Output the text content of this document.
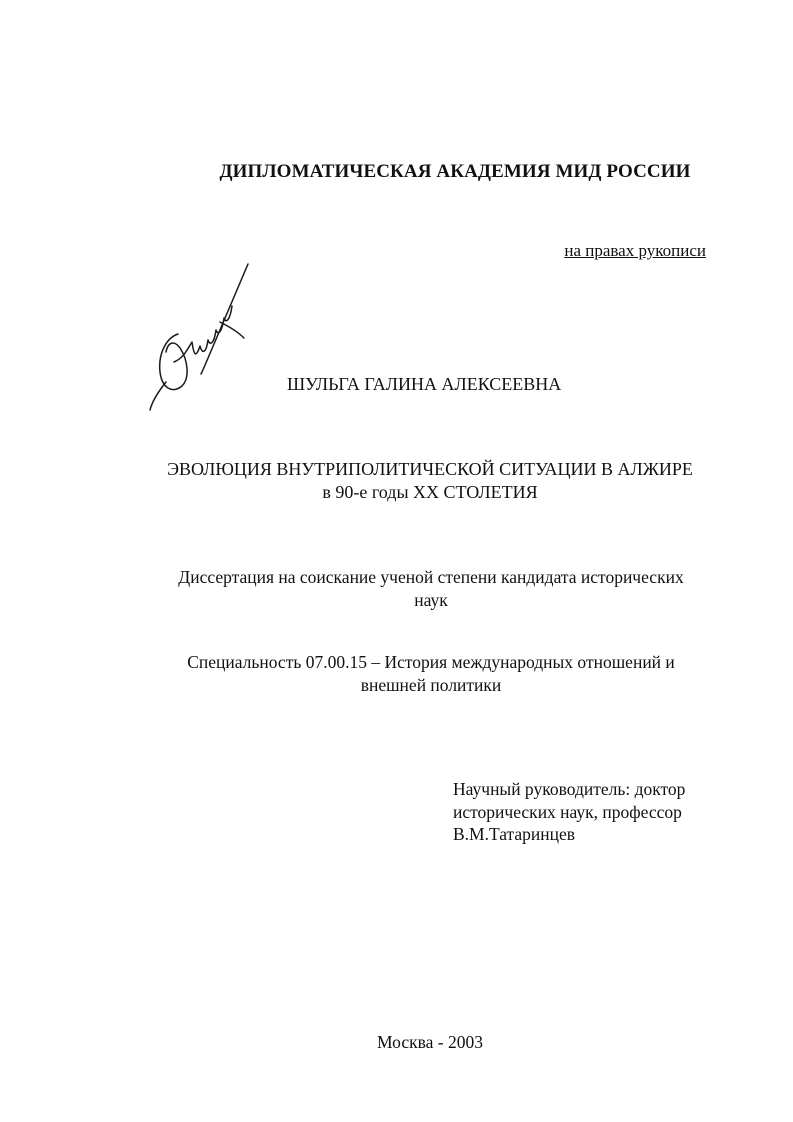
ДИПЛОМАТИЧЕСКАЯ АКАДЕМИЯ МИД РОССИИ
на правах рукописи
ШУЛЬГА ГАЛИНА АЛЕКСЕЕВНА
ЭВОЛЮЦИЯ ВНУТРИПОЛИТИЧЕСКОЙ СИТУАЦИИ В АЛЖИРЕ
в 90-е годы XX СТОЛЕТИЯ
Диссертация на соискание ученой степени кандидата исторических
наук
Специальность 07.00.15 – История международных отношений и
внешней политики
Научный руководитель: доктор
исторических наук, профессор
В.М.Татаринцев
Москва - 2003
